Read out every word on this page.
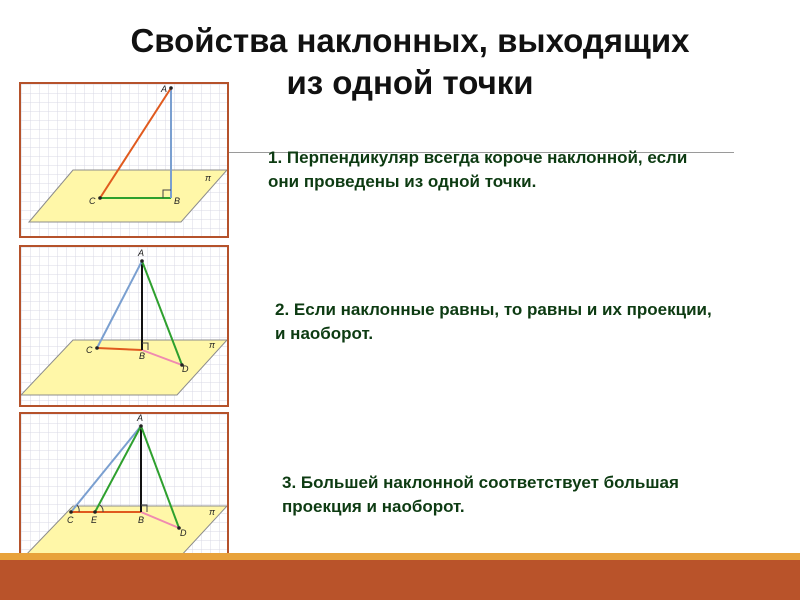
Свойства наклонных, выходящих
из одной точки
A
B
C
π
A
B
C
D
π
A
B
C E
D
π

1. Перпендикуляр всегда короче наклонной, если они проведены из одной точки.

2. Если наклонные равны, то равны и их проекции, и наоборот.

3. Большей наклонной соответствует большая проекция и наоборот.
